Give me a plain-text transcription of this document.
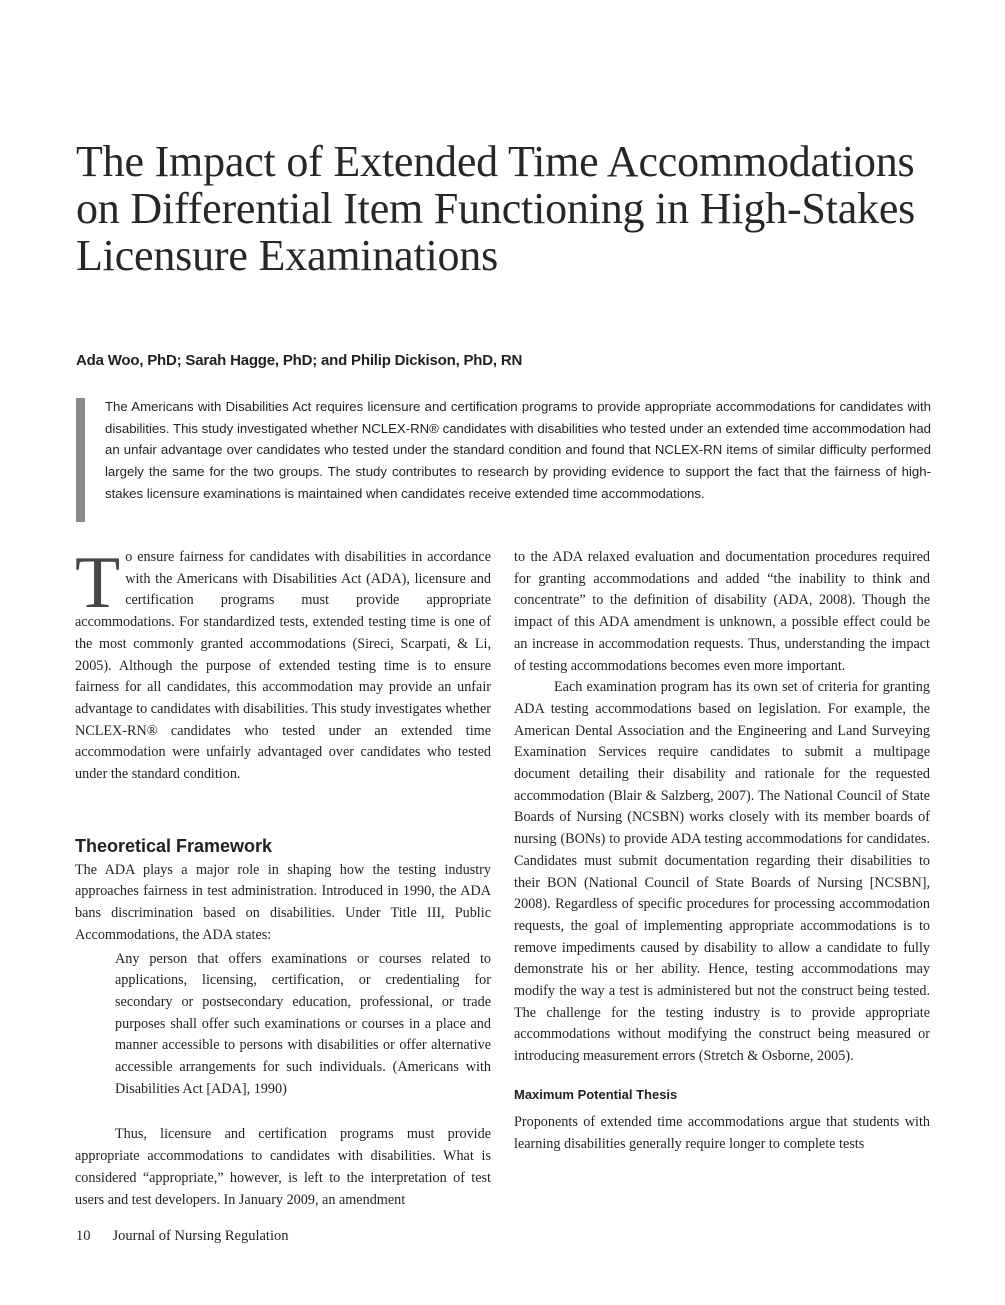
The Impact of Extended Time Accommodations on Differential Item Functioning in High-Stakes Licensure Examinations

Ada Woo, PhD; Sarah Hagge, PhD; and Philip Dickison, PhD, RN

The Americans with Disabilities Act requires licensure and certification programs to provide appropriate accommodations for candidates with disabilities. This study investigated whether NCLEX-RN® candidates with disabilities who tested under an extended time accommodation had an unfair advantage over candidates who tested under the standard condition and found that NCLEX-RN items of similar difficulty performed largely the same for the two groups. The study contributes to research by providing evidence to support the fact that the fairness of high-stakes licensure examinations is maintained when candidates receive extended time accommodations.

To ensure fairness for candidates with disabilities in accordance with the Americans with Disabilities Act (ADA), licensure and certification programs must provide appropriate accommodations. For standardized tests, extended testing time is one of the most commonly granted accommodations (Sireci, Scarpati, & Li, 2005). Although the purpose of extended testing time is to ensure fairness for all candidates, this accommodation may provide an unfair advantage to candidates with disabilities. This study investigates whether NCLEX-RN® candidates who tested under an extended time accommodation were unfairly advantaged over candidates who tested under the standard condition.

Theoretical Framework

The ADA plays a major role in shaping how the testing industry approaches fairness in test administration. Introduced in 1990, the ADA bans discrimination based on disabilities. Under Title III, Public Accommodations, the ADA states:

Any person that offers examinations or courses related to applications, licensing, certification, or credentialing for secondary or postsecondary education, professional, or trade purposes shall offer such examinations or courses in a place and manner accessible to persons with disabilities or offer alternative accessible arrangements for such individuals. (Americans with Disabilities Act [ADA], 1990)

Thus, licensure and certification programs must provide appropriate accommodations to candidates with disabilities. What is considered “appropriate,” however, is left to the interpretation of test users and test developers. In January 2009, an amendment

to the ADA relaxed evaluation and documentation procedures required for granting accommodations and added “the inability to think and concentrate” to the definition of disability (ADA, 2008). Though the impact of this ADA amendment is unknown, a possible effect could be an increase in accommodation requests. Thus, understanding the impact of testing accommodations becomes even more important.

Each examination program has its own set of criteria for granting ADA testing accommodations based on legislation. For example, the American Dental Association and the Engineering and Land Surveying Examination Services require candidates to submit a multipage document detailing their disability and rationale for the requested accommodation (Blair & Salzberg, 2007). The National Council of State Boards of Nursing (NCSBN) works closely with its member boards of nursing (BONs) to provide ADA testing accommodations for candidates. Candidates must submit documentation regarding their disabilities to their BON (National Council of State Boards of Nursing [NCSBN], 2008). Regardless of specific procedures for processing accommodation requests, the goal of implementing appropriate accommodations is to remove impediments caused by disability to allow a candidate to fully demonstrate his or her ability. Hence, testing accommodations may modify the way a test is administered but not the construct being tested. The challenge for the testing industry is to provide appropriate accommodations without modifying the construct being measured or introducing measurement errors (Stretch & Osborne, 2005).

Maximum Potential Thesis

Proponents of extended time accommodations argue that students with learning disabilities generally require longer to complete tests

10 Journal of Nursing Regulation
